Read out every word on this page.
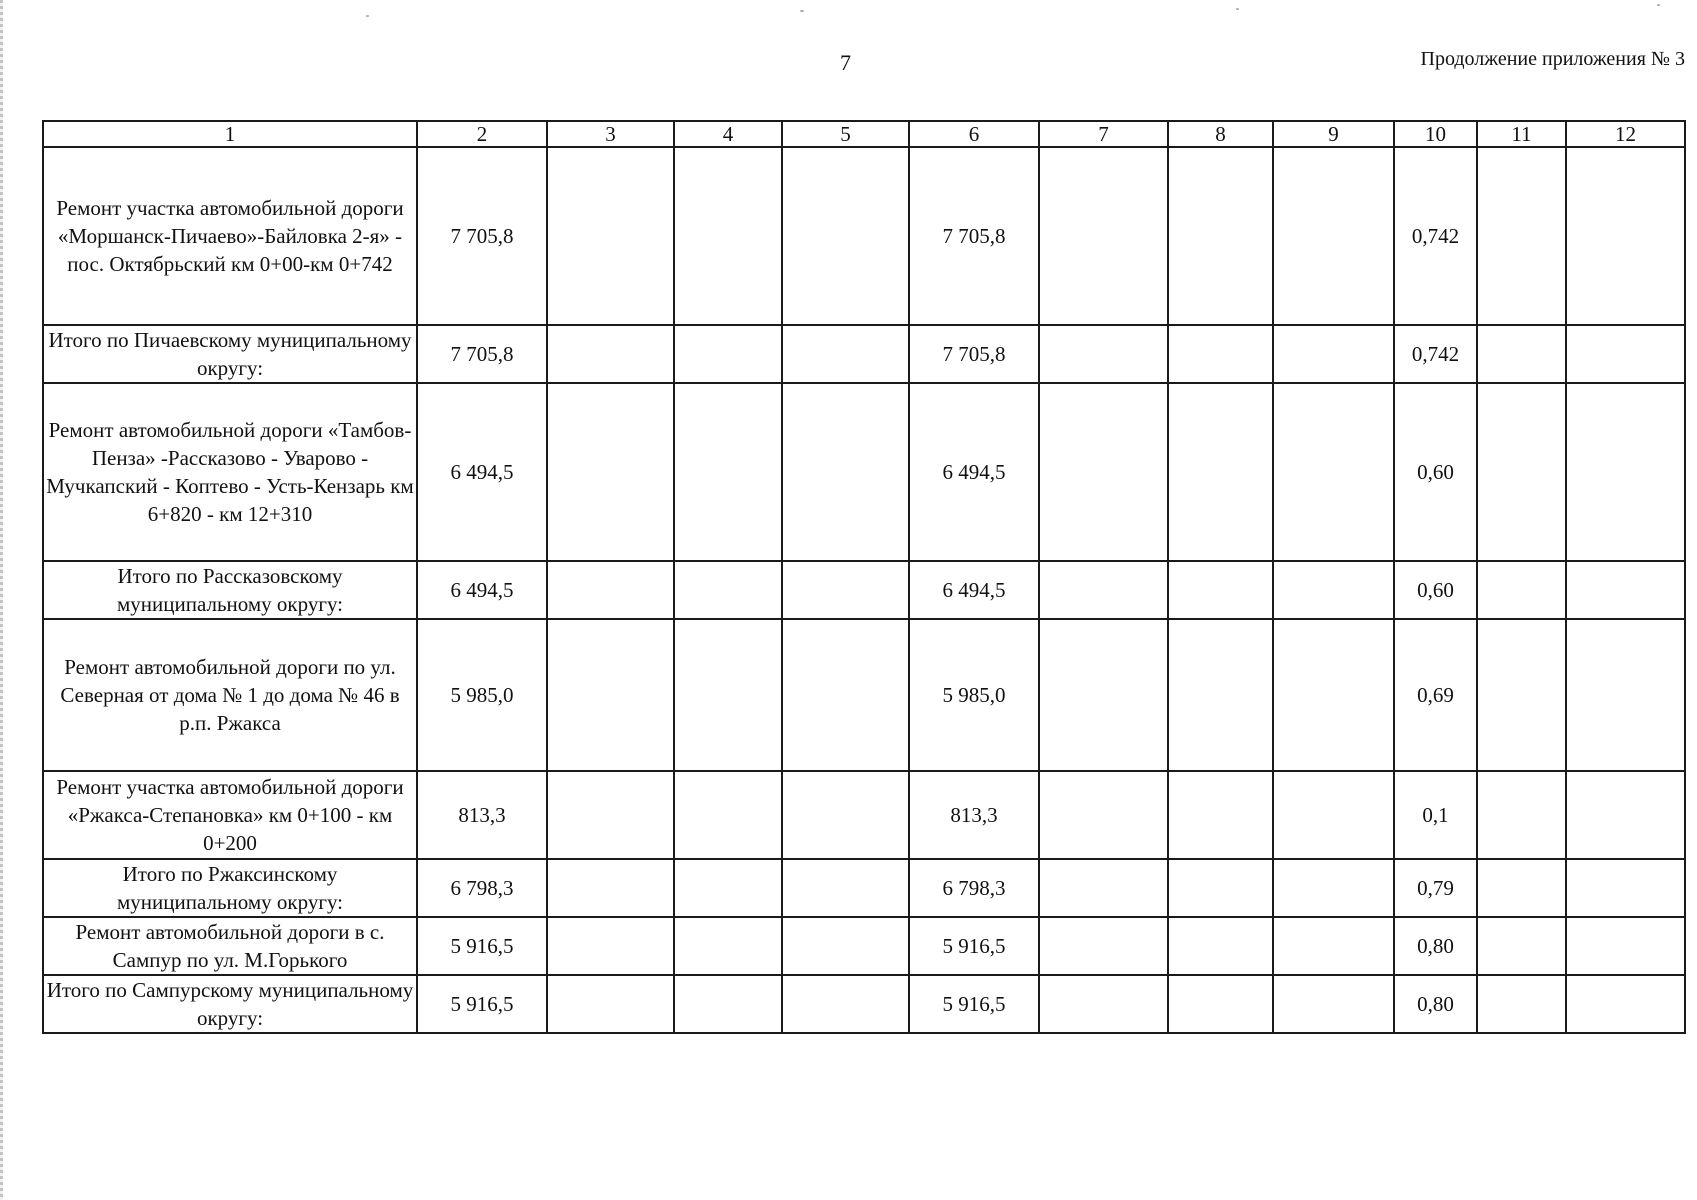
7	Продолжение приложения № 3
1	2	3	4	5	6	7	8	9	10	11	12
Ремонт участка автомобильной дороги «Моршанск-Пичаево»-Байловка 2-я» - пос. Октябрьский км 0+00-км 0+742	7 705,8				7 705,8				0,742		
Итого по Пичаевскому муниципальному округу:	7 705,8				7 705,8				0,742		
Ремонт автомобильной дороги «Тамбов-Пенза» -Рассказово - Уварово - Мучкапский - Коптево - Усть-Кензарь км 6+820 - км 12+310	6 494,5				6 494,5				0,60		
Итого по Рассказовскому муниципальному округу:	6 494,5				6 494,5				0,60		
Ремонт автомобильной дороги по ул. Северная от дома № 1 до дома № 46 в р.п. Ржакса	5 985,0				5 985,0				0,69		
Ремонт участка автомобильной дороги «Ржакса-Степановка» км 0+100 - км 0+200	813,3				813,3				0,1		
Итого по Ржаксинскому муниципальному округу:	6 798,3				6 798,3				0,79		
Ремонт автомобильной дороги в с. Сампур по ул. М.Горького	5 916,5				5 916,5				0,80		
Итого по Сампурскому муниципальному округу:	5 916,5				5 916,5				0,80		
